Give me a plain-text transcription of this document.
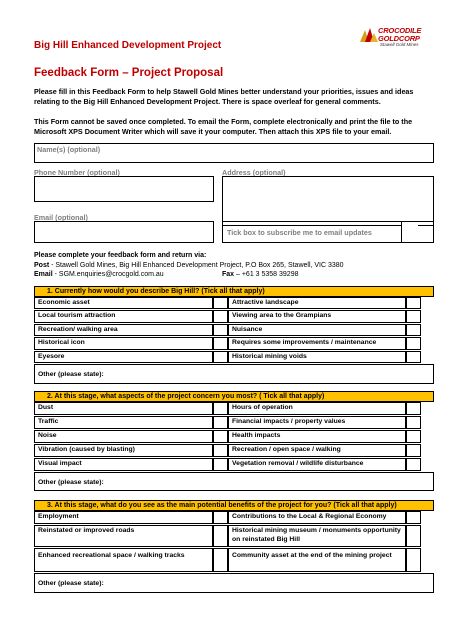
Big Hill Enhanced Development Project
CROCODILE
GOLDCORP
Stawell Gold Mines
Feedback Form – Project Proposal
Please fill in this Feedback Form to help Stawell Gold Mines better understand your priorities, issues and ideas relating to the Big Hill Enhanced Development Project. There is space overleaf for general comments.
This Form cannot be saved once completed. To email the Form, complete electronically and print the file to the Microsoft XPS Document Writer which will save it your computer. Then attach this XPS file to your email.
Name(s) (optional)
Phone Number (optional)	Address (optional)
Email (optional)
Tick box to subscribe me to email updates
Please complete your feedback form and return via:
Post - Stawell Gold Mines, Big Hill Enhanced Development Project, P.O Box 265, Stawell, VIC 3380
Email - SGM.enquiries@crocgold.com.au	Fax – +61 3 5358 39298
1. Currently how would you describe Big Hill? (Tick all that apply)
Economic asset	Attractive landscape
Local tourism attraction	Viewing area to the Grampians
Recreation/ walking area	Nuisance
Historical icon	Requires some improvements / maintenance
Eyesore	Historical mining voids
Other (please state):
2. At this stage, what aspects of the project concern you most? ( Tick all that apply)
Dust	Hours of operation
Traffic	Financial impacts / property values
Noise	Health impacts
Vibration (caused by blasting)	Recreation / open space / walking
Visual impact	Vegetation removal / wildlife disturbance
Other (please state):
3. At this stage, what do you see as the main potential benefits of the project for you? (Tick all that apply)
Employment	Contributions to the Local & Regional Economy
Reinstated or improved roads	Historical mining museum / monuments opportunity on reinstated Big Hill
Enhanced recreational space / walking tracks	Community asset at the end of the mining project
Other (please state):
